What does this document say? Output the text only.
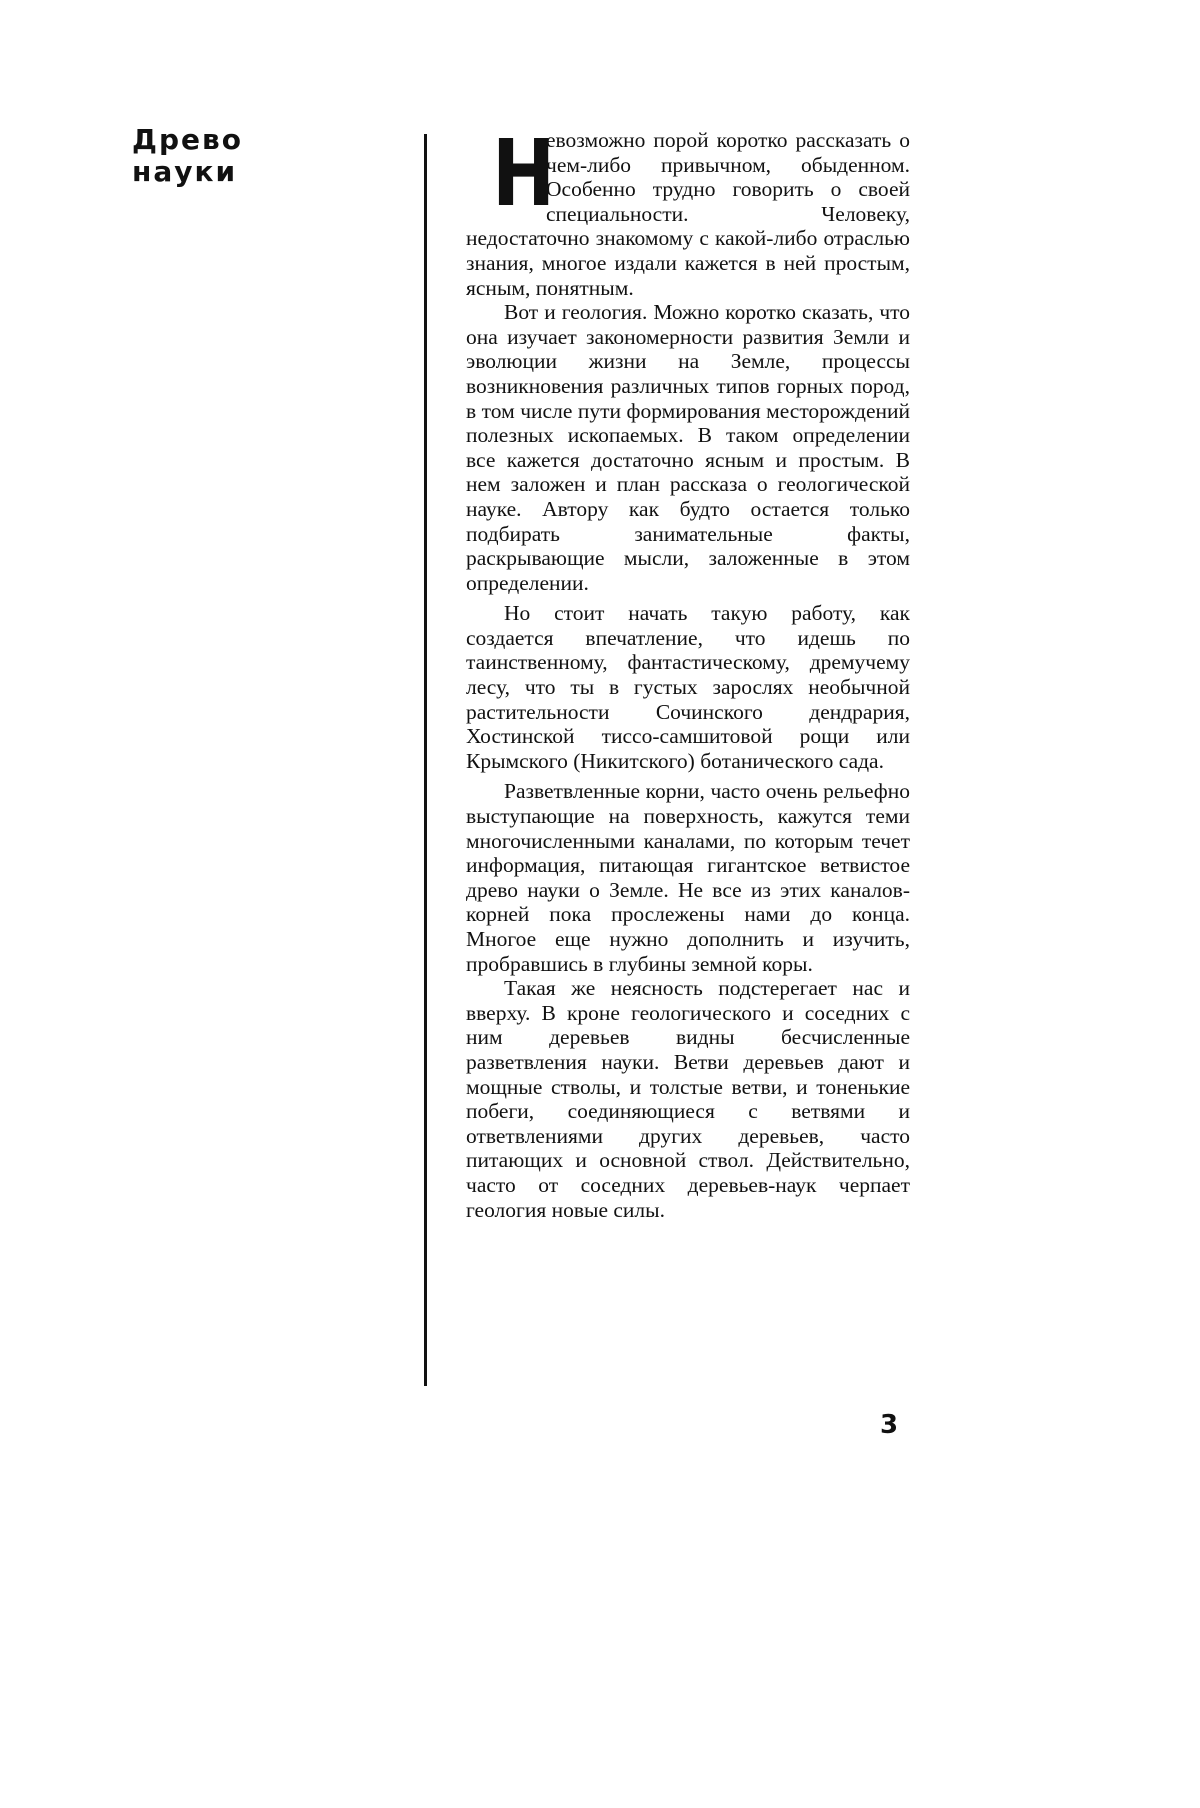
Древо
науки	Н
евозможно порой коротко рассказать о чем-либо привычном, обыденном. Особенно трудно говорить о своей специальности. Человеку, недостаточно знакомому с какой-либо отраслью знания, многое издали кажется в ней простым, ясным, понятным.

Вот и геология. Можно коротко сказать, что она изучает закономерности развития Земли и эволюции жизни на Земле, процессы возникновения различных типов горных пород, в том числе пути формирования месторождений полезных ископаемых. В таком определении все кажется достаточно ясным и простым. В нем заложен и план рассказа о геологической науке. Автору как будто остается только подбирать занимательные факты, раскрывающие мысли, заложенные в этом определении.

Но стоит начать такую работу, как создается впечатление, что идешь по таинственному, фантастическому, дремучему лесу, что ты в густых зарослях необычной растительности Сочинского дендрария, Хостинской тиссо-самшитовой рощи или Крымского (Никитского) ботанического сада.

Разветвленные корни, часто очень рельефно выступающие на поверхность, кажутся теми многочисленными каналами, по которым течет информация, питающая гигантское ветвистое древо науки о Земле. Не все из этих каналов-корней пока прослежены нами до конца. Многое еще нужно дополнить и изучить, пробравшись в глубины земной коры.

Такая же неясность подстерегает нас и вверху. В кроне геологического и соседних с ним деревьев видны бесчисленные разветвления науки. Ветви деревьев дают и мощные стволы, и толстые ветви, и тоненькие побеги, соединяющиеся с ветвями и ответвлениями других деревьев, часто питающих и основной ствол. Действительно, часто от соседних деревьев-наук черпает геология новые силы.

3
